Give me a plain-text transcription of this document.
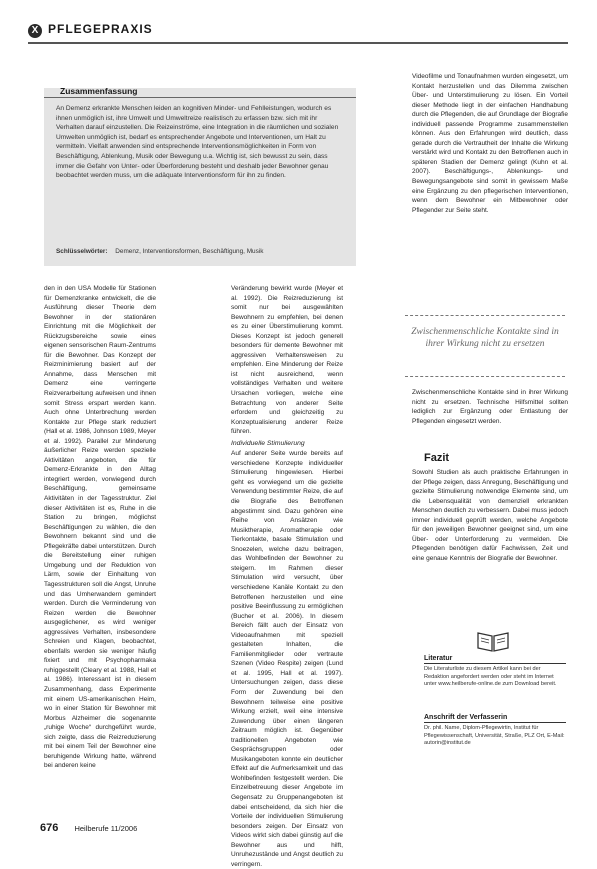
X PFLEGEPRAXIS
Zusammenfassung
An Demenz erkrankte Menschen leiden an kognitiven Minder- und Fehlleistungen, wodurch es ihnen unmöglich ist, ihre Umwelt und Umweltreize realistisch zu erfassen bzw. sich mit ihr Verhalten darauf einzustellen. Die Reizeinströme, eine Integration in die räumlichen und sozialen Umwelten unmöglich ist, bedarf es entsprechender Angebote und Interventionen, um Halt zu vermitteln. Vielfalt anwenden sind entsprechende Interventionsmöglichkeiten in Form von Beschäftigung, Ablenkung, Musik oder Bewegung u.a. Wichtig ist, sich bewusst zu sein, dass immer die Gefahr von Unter- oder Überforderung besteht und deshalb jeder Bewohner genau beobachtet werden muss, um die adäquate Interventionsform für ihn zu finden.
Schlüsselwörter: Demenz, Interventionsformen, Beschäftigung, Musik

den in den USA Modelle für Stationen für Demenzkranke entwickelt, die die Ausführung dieser Theorie dem Bewohner in der stationären Einrichtung mit die Möglichkeit der Rückzugsbereiche sowie eines eigenen sensorischen Raum-Zentrums für die Bewohner. Das Konzept der Reizminimierung basiert auf der Annahme, dass Menschen mit Demenz eine verringerte Reizverarbeitung aufweisen und ihnen somit Stress erspart werden kann. Auch ohne Unterbrechung werden Kontakte zur Pflege stark reduziert (Hall et al. 1986, Johnson 1989, Meyer et al. 1992). Parallel zur Minderung äußerlicher Reize werden spezielle Aktivitäten angeboten, die für Demenz-Erkrankte in den Alltag integriert werden, vorwiegend durch Beschäftigung, gemeinsame Aktivitäten in der Tagesstruktur. Ziel dieser Aktivitäten ist es, Ruhe in die Station zu bringen, möglichst Beschäftigungen zu wählen, die den Bewohnern bekannt sind und die Pflegekräfte dabei unterstützen. Durch die Bereitstellung einer ruhigen Umgebung und der Reduktion von Lärm, sowie der Einhaltung von Tagesstrukturen soll die Angst, Unruhe und das Umherwandern gemindert werden. Durch die Verminderung von Reizen werden die Bewohner ausgeglichener, es wird weniger aggressives Verhalten, insbesondere Schreien und Klagen, beobachtet, ebenfalls werden sie weniger häufig fixiert und mit Psychopharmaka ruhiggestellt (Cleary et al. 1988, Hall et al. 1986). Interessant ist in diesem Zusammenhang, dass Experimente mit einem US-amerikanischen Heim, wo in einer Station für Bewohner mit Morbus Alzheimer die sogenannte „ruhige Woche“ durchgeführt wurde, sich zeigte, dass die Reizreduzierung mit bei einem Teil der Bewohner eine beruhigende Wirkung hatte, während bei anderen keine

Veränderung bewirkt wurde (Meyer et al. 1992). Die Reizreduzierung ist somit nur bei ausgewählten Bewohnern zu empfehlen, bei denen es zu einer Überstimulierung kommt. Dieses Konzept ist jedoch generell besonders für demente Bewohner mit aggressiven Verhaltensweisen zu empfehlen. Eine Minderung der Reize ist nicht ausreichend, wenn vollständiges Verhalten und weitere Ursachen vorliegen, welche eine Betrachtung von anderer Seite erfordern und gleichzeitig zu Konzeptualisierung anderer Reize führen.

Individuelle Stimulierung

Auf anderer Seite wurde bereits auf verschiedene Konzepte individueller Stimulierung hingewiesen. Hierbei geht es vorwiegend um die gezielte Verwendung bestimmter Reize, die auf die Biografie des Betroffenen abgestimmt sind. Dazu gehören eine Reihe von Ansätzen wie Musiktherapie, Aromatherapie oder Tierkontakte, basale Stimulation und Snoezelen, welche dazu beitragen, das Wohlbefinden der Bewohner zu steigern. Im Rahmen dieser Stimulation wird versucht, über verschiedene Kanäle Kontakt zu den Betroffenen herzustellen und eine positive Beeinflussung zu ermöglichen (Bucher et al. 2006). In diesem Bereich fällt auch der Einsatz von Videoaufnahmen mit speziell gestalteten Inhalten, die Familienmitglieder oder vertraute Szenen (Video Respite) zeigen (Lund et al. 1995, Hall et al. 1997). Untersuchungen zeigen, dass diese Form der Zuwendung bei den Bewohnern teilweise eine positive Wirkung erzielt, weil eine intensive Zuwendung über einen längeren Zeitraum möglich ist. Gegenüber traditionellen Angeboten wie Gesprächsgruppen oder Musikangeboten konnte ein deutlicher Effekt auf die Aufmerksamkeit und das Wohlbefinden festgestellt werden. Die Einzelbetreuung dieser Angebote im Gegensatz zu Gruppenangeboten ist dabei entscheidend, da sich hier die Vorteile der individuellen Stimulierung besonders zeigen. Der Einsatz von Videos wirkt sich dabei günstig auf die Bewohner aus und hilft, Unruhezustände und Angst deutlich zu verringern.

Videofilme und Tonaufnahmen wurden eingesetzt, um Kontakt herzustellen und das Dilemma zwischen Über- und Unterstimulierung zu lösen. Ein Vorteil dieser Methode liegt in der einfachen Handhabung durch die Pflegenden, die auf Grundlage der Biografie individuell passende Programme zusammenstellen können. Aus den Erfahrungen wird deutlich, dass gerade durch die Vertrautheit der Inhalte die Wirkung verstärkt wird und Kontakt zu den Betroffenen auch in späteren Stadien der Demenz gelingt (Kuhn et al. 2007). Beschäftigungs-, Ablenkungs- und Bewegungsangebote sind somit in gewissem Maße eine Ergänzung zu den pflegerischen Interventionen, wenn dem Bewohner ein Mitbewohner oder Pflegender zur Seite steht.

Zwischenmenschliche Kontakte sind in ihrer Wirkung nicht zu ersetzen

Zwischenmenschliche Kontakte sind in ihrer Wirkung nicht zu ersetzen. Technische Hilfsmittel sollten lediglich zur Ergänzung oder Entlastung der Pflegenden eingesetzt werden.

Fazit

Sowohl Studien als auch praktische Erfahrungen in der Pflege zeigen, dass Anregung, Beschäftigung und gezielte Stimulierung notwendige Elemente sind, um die Lebensqualität von demenziell erkrankten Menschen deutlich zu verbessern. Dabei muss jedoch immer individuell geprüft werden, welche Angebote für den jeweiligen Bewohner geeignet sind, um eine Über- oder Unterforderung zu vermeiden. Die Pflegenden benötigen dafür Fachwissen, Zeit und eine genaue Kenntnis der Biografie der Bewohner.

Literatur
Die Literaturliste zu diesem Artikel kann bei der Redaktion angefordert werden oder steht im Internet unter www.heilberufe-online.de zum Download bereit.
Anschrift der Verfasserin
Dr. phil. Name, Diplom-Pflegewirtin, Institut für Pflegewissenschaft, Universität, Straße, PLZ Ort, E-Mail: autorin@institut.de
676 Heilberufe 11/2006
